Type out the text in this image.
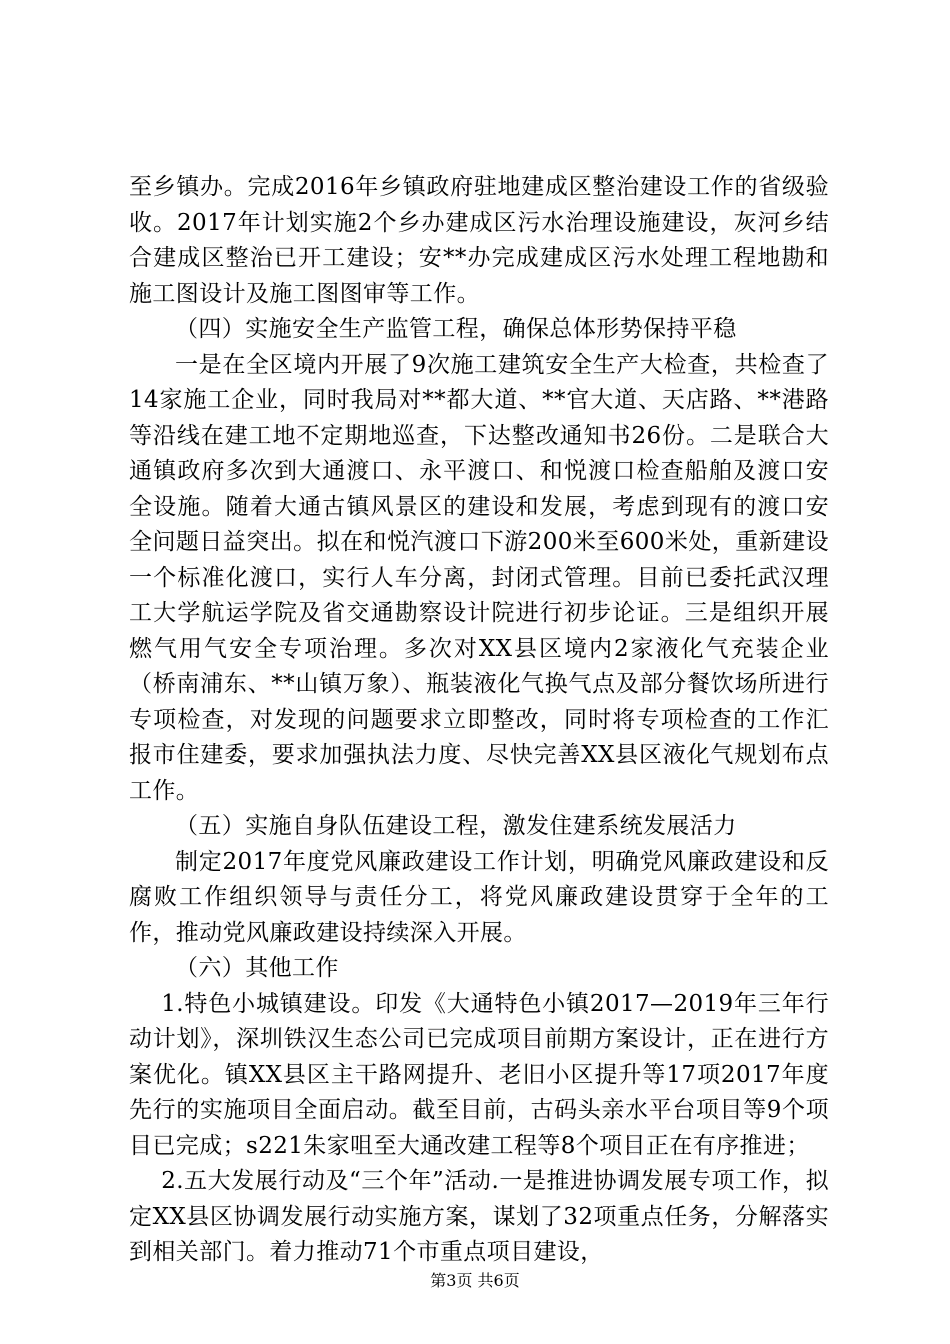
至乡镇办。完成2016年乡镇政府驻地建成区整治建设工作的省级验收。2017年计划实施2个乡办建成区污水治理设施建设，灰河乡结合建成区整治已开工建设；安**办完成建成区污水处理工程地勘和施工图设计及施工图图审等工作。

（四）实施安全生产监管工程，确保总体形势保持平稳

一是在全区境内开展了9次施工建筑安全生产大检查，共检查了14家施工企业，同时我局对**都大道、**官大道、天店路、**港路等沿线在建工地不定期地巡查，下达整改通知书26份。二是联合大通镇政府多次到大通渡口、永平渡口、和悦渡口检查船舶及渡口安全设施。随着大通古镇风景区的建设和发展，考虑到现有的渡口安全问题日益突出。拟在和悦汽渡口下游200米至600米处，重新建设一个标准化渡口，实行人车分离，封闭式管理。目前已委托武汉理工大学航运学院及省交通勘察设计院进行初步论证。三是组织开展燃气用气安全专项治理。多次对XX县区境内2家液化气充装企业（桥南浦东、**山镇万象）、瓶装液化气换气点及部分餐饮场所进行专项检查，对发现的问题要求立即整改，同时将专项检查的工作汇报市住建委，要求加强执法力度、尽快完善XX县区液化气规划布点工作。

（五）实施自身队伍建设工程，激发住建系统发展活力

制定2017年度党风廉政建设工作计划，明确党风廉政建设和反腐败工作组织领导与责任分工，将党风廉政建设贯穿于全年的工作，推动党风廉政建设持续深入开展。

（六）其他工作

1.特色小城镇建设。印发《大通特色小镇2017—2019年三年行动计划》，深圳铁汉生态公司已完成项目前期方案设计，正在进行方案优化。镇XX县区主干路网提升、老旧小区提升等17项2017年度先行的实施项目全面启动。截至目前，古码头亲水平台项目等9个项目已完成；s221朱家咀至大通改建工程等8个项目正在有序推进；

2.五大发展行动及“三个年”活动.一是推进协调发展专项工作，拟定XX县区协调发展行动实施方案，谋划了32项重点任务，分解落实到相关部门。着力推动71个市重点项目建设，

第3页 共6页
